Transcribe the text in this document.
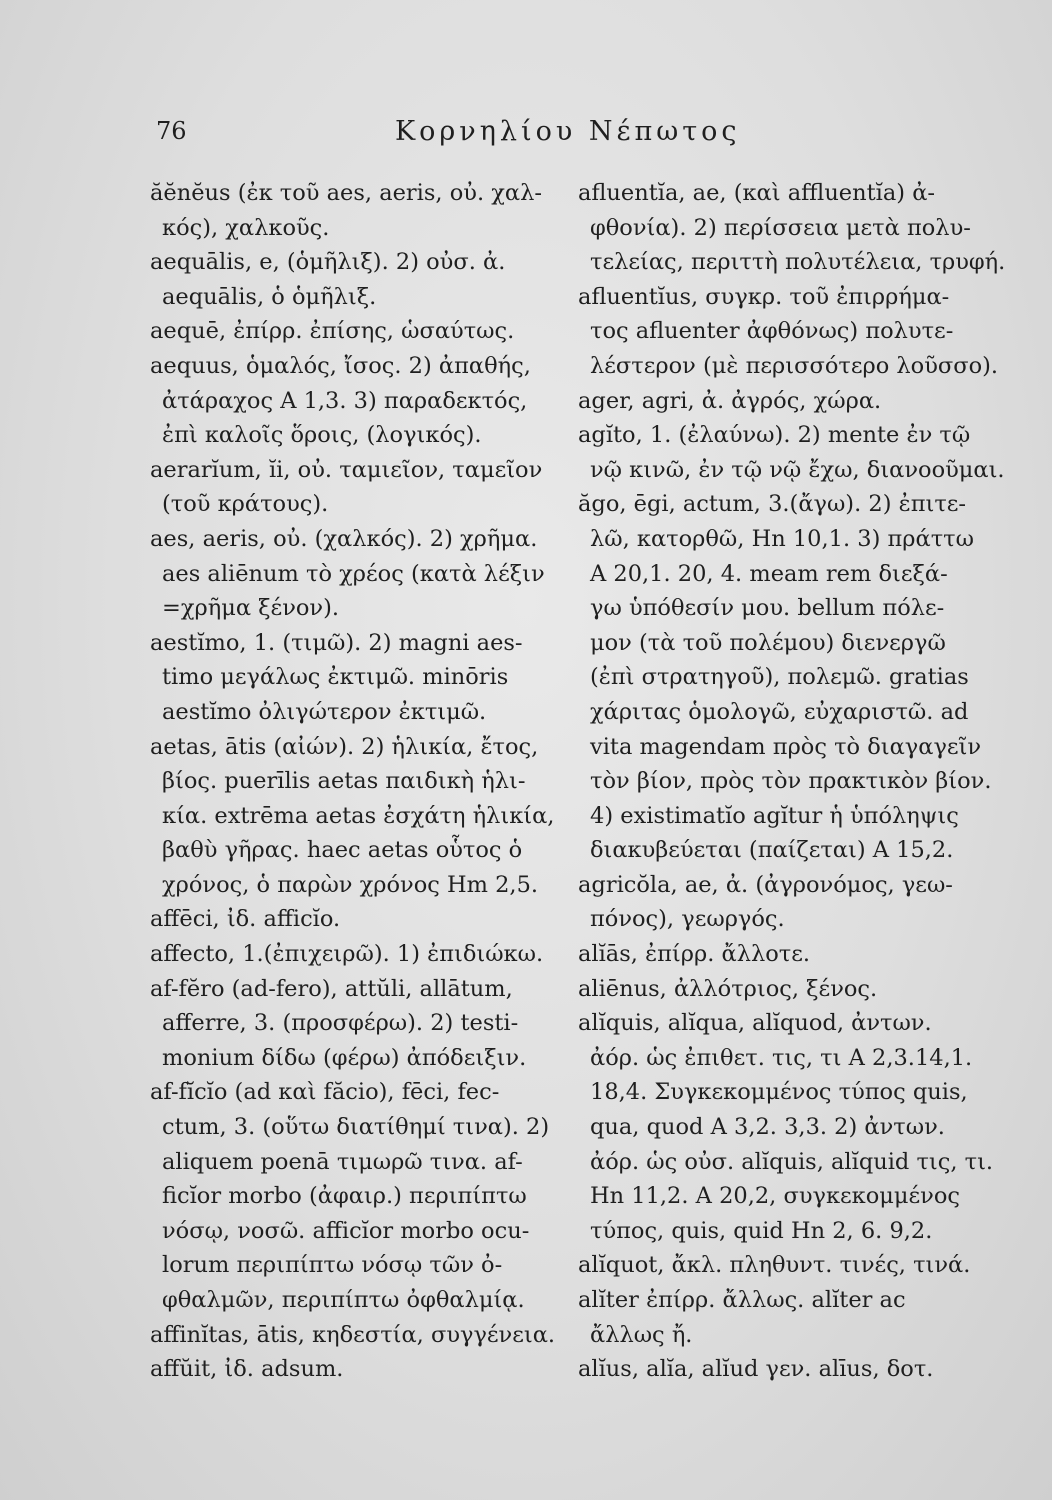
76	Κορνηλίου Νέπωτος
ăĕnĕus (ἐκ τοῦ aes, aeris, οὐ. χαλ-
κός), χαλκοῦς.
aequālis, e, (ὁμῆλιξ). 2) οὐσ. ἀ.
aequālis, ὁ ὁμῆλιξ.
aequē, ἐπίρρ. ἐπίσης, ὡσαύτως.
aequus, ὁμαλός, ἴσος. 2) ἀπαθής,
ἀτάραχος Α 1,3. 3) παραδεκτός,
ἐπὶ καλοῖς ὅροις, (λογικός).
aerarĭum, ĭi, οὐ. ταμιεῖον, ταμεῖον
(τοῦ κράτους).
aes, aeris, οὐ. (χαλκός). 2) χρῆμα.
aes aliēnum τὸ χρέος (κατὰ λέξιν
=χρῆμα ξένον).
aestĭmo, 1. (τιμῶ). 2) magni aes-
timo μεγάλως ἐκτιμῶ. minōris
aestĭmo ὀλιγώτερον ἐκτιμῶ.
aetas, ātis (αἰών). 2) ἡλικία, ἔτος,
βίος. puerīlis aetas παιδικὴ ἡλι-
κία. extrēma aetas ἐσχάτη ἡλικία,
βαθὺ γῆρας. haec aetas οὗτος ὁ
χρόνος, ὁ παρὼν χρόνος Ηm 2,5.
affēci, ἰδ. afficĭo.
affecto, 1.(ἐπιχειρῶ). 1) ἐπιδιώκω.
af-fĕro (ad-fero), attŭli, allātum,
afferre, 3. (προσφέρω). 2) testi-
monium δίδω (φέρω) ἀπόδειξιν.
af-fĭcĭo (ad καὶ făcio), fēci, fec-
ctum, 3. (οὕτω διατίθημί τινα). 2)
aliquem poenā τιμωρῶ τινα. af-
ficĭor morbo (ἀφαιρ.) περιπίπτω
νόσῳ, νοσῶ. afficĭor morbo ocu-
lorum περιπίπτω νόσῳ τῶν ὀ-
φθαλμῶν, περιπίπτω ὀφθαλμίᾳ.
affinĭtas, ātis, κηδεστία, συγγένεια.
affŭit, ἰδ. adsum.
afluentĭa, ae, (καὶ affluentĭa) ἀ-
φθονία). 2) περίσσεια μετὰ πολυ-
τελείας, περιττὴ πολυτέλεια, τρυφή.
afluentĭus, συγκρ. τοῦ ἐπιρρήμα-
τος afluenter ἀφθόνως) πολυτε-
λέστερον (μὲ περισσότερο λοῦσσο).
ager, agri, ἀ. ἀγρός, χώρα.
agĭto, 1. (ἐλαύνω). 2) mente ἐν τῷ
νῷ κινῶ, ἐν τῷ νῷ ἔχω, διανοοῦμαι.
ăgo, ēgi, actum, 3.(ἄγω). 2) ἐπιτε-
λῶ, κατορθῶ, Ηn 10,1. 3) πράττω
Α 20,1. 20, 4. meam rem διεξά-
γω ὑπόθεσίν μου. bellum πόλε-
μον (τὰ τοῦ πολέμου) διενεργῶ
(ἐπὶ στρατηγοῦ), πολεμῶ. gratias
χάριτας ὁμολογῶ, εὐχαριστῶ. ad
vita magendam πρὸς τὸ διαγαγεῖν
τὸν βίον, πρὸς τὸν πρακτικὸν βίον.
4) existimatĭo agĭtur ἡ ὑπόληψις
διακυβεύεται (παίζεται) Α 15,2.
agricŏla, ae, ἀ. (ἀγρονόμος, γεω-
πόνος), γεωργός.
alĭās, ἐπίρρ. ἄλλοτε.
aliēnus, ἀλλότριος, ξένος.
alĭquis, alĭqua, alĭquod, ἀντων.
ἀόρ. ὡς ἐπιθετ. τις, τι Α 2,3.14,1.
18,4. Συγκεκομμένος τύπος quis,
qua, quod Α 3,2. 3,3. 2) ἀντων.
ἀόρ. ὡς οὐσ. alĭquis, alĭquid τις, τι.
Ηn 11,2. Α 20,2, συγκεκομμένος
τύπος, quis, quid Ηn 2, 6. 9,2.
alĭquot, ἄκλ. πληθυντ. τινές, τινά.
alĭter ἐπίρρ. ἄλλως. alĭter ac
ἄλλως ἤ.
alĭus, alĭa, alĭud γεν. alīus, δοτ.
